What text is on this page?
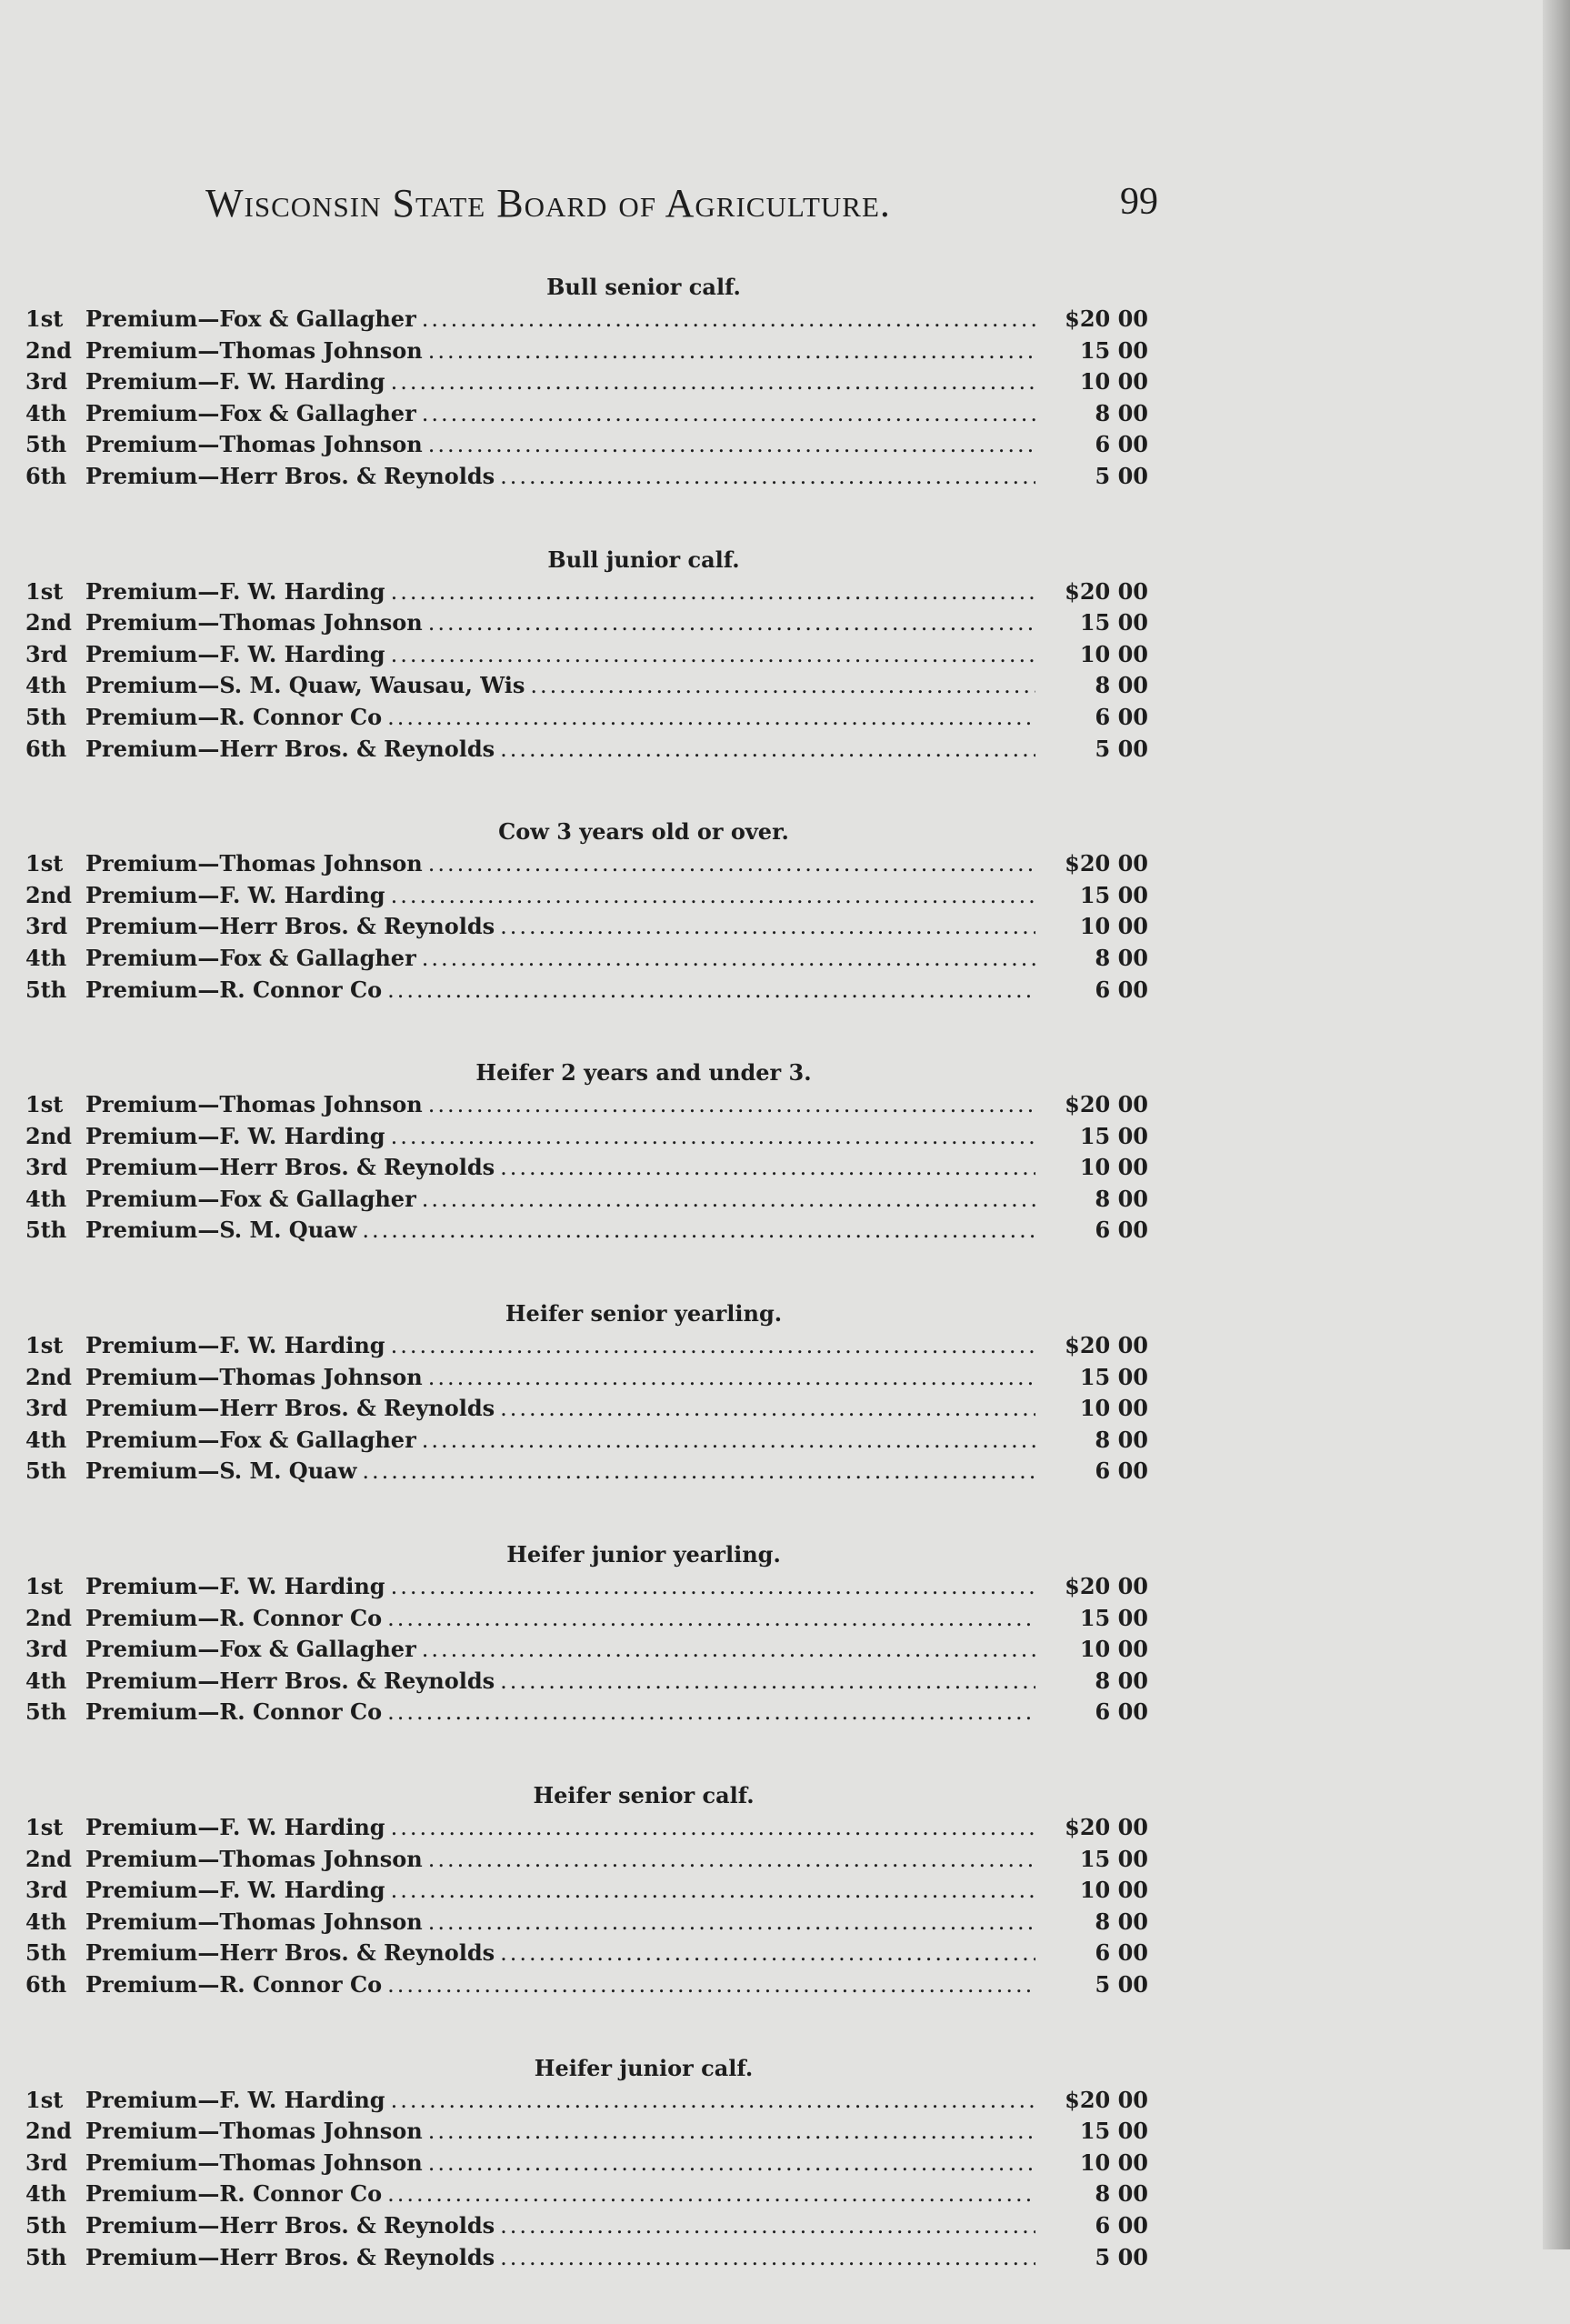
Wisconsin State Board of Agriculture.	99
Bull senior calf.
1st	Premium—Fox & Gallagher .....	$20 00
2nd Premium—Thomas Johnson .....	15 00
3rd Premium—F. W. Harding .....	10 00
4th Premium—Fox & Gallagher .....	8 00
5th Premium—Thomas Johnson .....	6 00
6th Premium—Herr Bros. & Reynolds .....	5 00
Bull junior calf.
1st	Premium—F. W. Harding .....	$20 00
2nd Premium—Thomas Johnson .....	15 00
3rd Premium—F. W. Harding .....	10 00
4th Premium—S. M. Quaw, Wausau, Wis .....	8 00
5th Premium—R. Connor Co .....	6 00
6th Premium—Herr Bros. & Reynolds .....	5 00
Cow 3 years old or over.
1st	Premium—Thomas Johnson .....	$20 00
2nd Premium—F. W. Harding .....	15 00
3rd Premium—Herr Bros. & Reynolds .....	10 00
4th Premium—Fox & Gallagher .....	8 00
5th Premium—R. Connor Co .....	6 00
Heifer 2 years and under 3.
1st	Premium—Thomas Johnson .....	$20 00
2nd Premium—F. W. Harding .....	15 00
3rd Premium—Herr Bros. & Reynolds .....	10 00
4th Premium—Fox & Gallagher .....	8 00
5th Premium—S. M. Quaw .....	6 00
Heifer senior yearling.
1st	Premium—F. W. Harding .....	$20 00
2nd Premium—Thomas Johnson .....	15 00
3rd Premium—Herr Bros. & Reynolds .....	10 00
4th Premium—Fox & Gallagher .....	8 00
5th Premium—S. M. Quaw .....	6 00
Heifer junior yearling.
1st	Premium—F. W. Harding .....	$20 00
2nd Premium—R. Connor Co .....	15 00
3rd Premium—Fox & Gallagher .....	10 00
4th Premium—Herr Bros. & Reynolds .....	8 00
5th Premium—R. Connor Co .....	6 00
Heifer senior calf.
1st	Premium—F. W. Harding .....	$20 00
2nd Premium—Thomas Johnson .....	15 00
3rd Premium—F. W. Harding .....	10 00
4th Premium—Thomas Johnson .....	8 00
5th Premium—Herr Bros. & Reynolds .....	6 00
6th Premium—R. Connor Co .....	5 00
Heifer junior calf.
1st	Premium—F. W. Harding .....	$20 00
2nd Premium—Thomas Johnson .....	15 00
3rd Premium—Thomas Johnson .....	10 00
4th Premium—R. Connor Co .....	8 00
5th Premium—Herr Bros. & Reynolds .....	6 00
5th Premium—Herr Bros. & Reynolds .....	5 00
